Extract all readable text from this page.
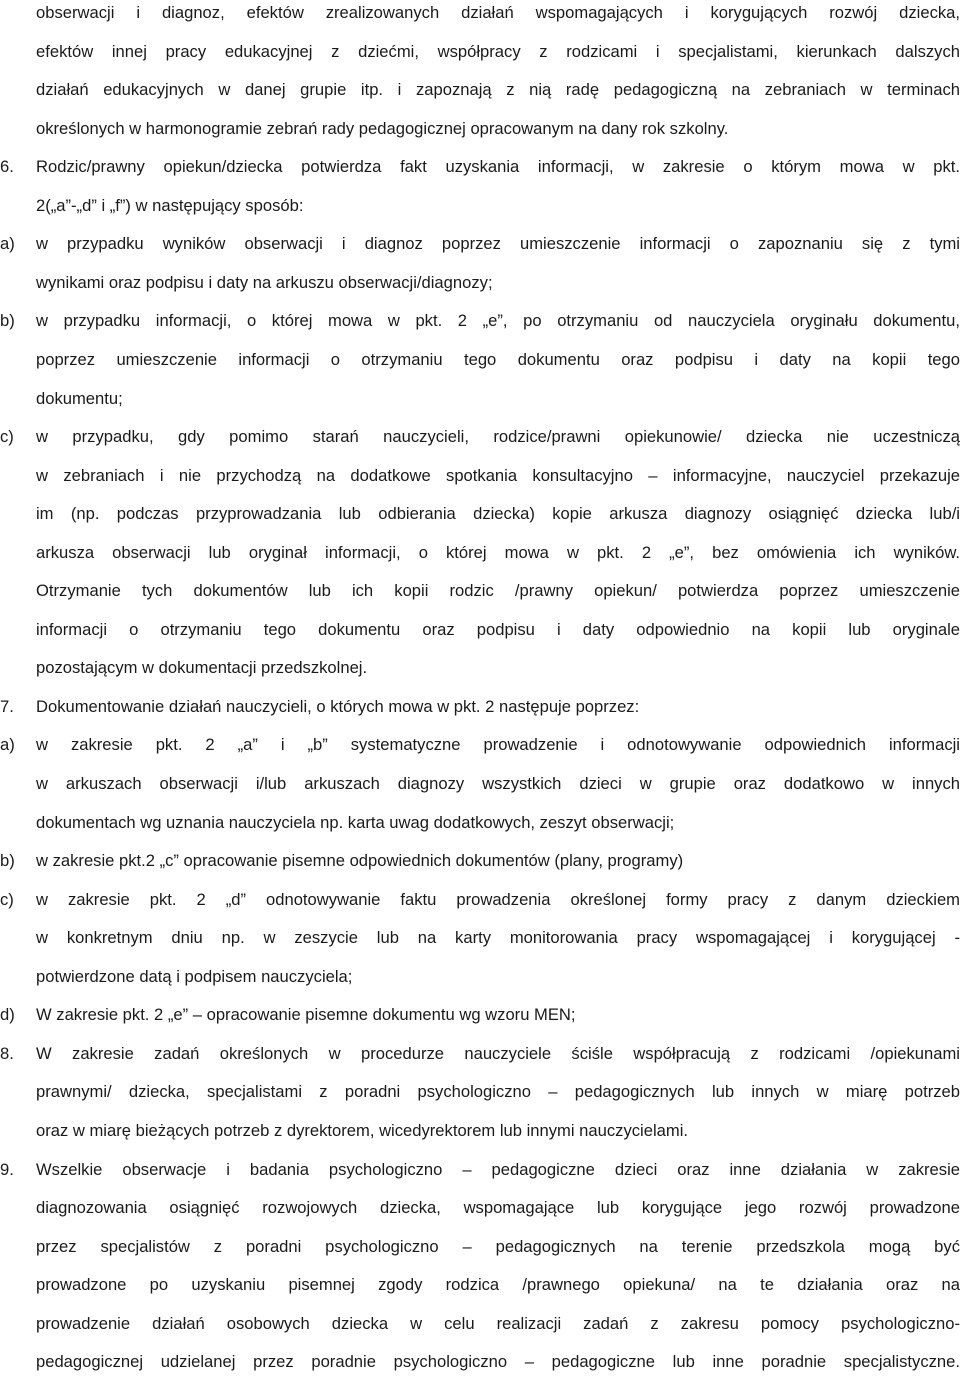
obserwacji i diagnoz, efektów zrealizowanych działań wspomagających i korygujących rozwój dziecka,
efektów innej pracy edukacyjnej z dziećmi, współpracy z rodzicami i specjalistami, kierunkach dalszych
działań edukacyjnych w danej grupie itp. i zapoznają z nią radę pedagogiczną na zebraniach w terminach
określonych w harmonogramie zebrań rady pedagogicznej opracowanym na dany rok szkolny.
6. Rodzic/prawny opiekun/dziecka potwierdza fakt uzyskania informacji, w zakresie o którym mowa w pkt.
2(„a”-„d” i „f”) w następujący sposób:
a) w przypadku wyników obserwacji i diagnoz poprzez umieszczenie informacji o zapoznaniu się z tymi
wynikami oraz podpisu i daty na arkuszu obserwacji/diagnozy;
b) w przypadku informacji, o której mowa w pkt. 2 „e”, po otrzymaniu od nauczyciela oryginału dokumentu,
poprzez umieszczenie informacji o otrzymaniu tego dokumentu oraz podpisu i daty na kopii tego
dokumentu;
c) w przypadku, gdy pomimo starań nauczycieli, rodzice/prawni opiekunowie/ dziecka nie uczestniczą
w zebraniach i nie przychodzą na dodatkowe spotkania konsultacyjno – informacyjne, nauczyciel przekazuje
im (np. podczas przyprowadzania lub odbierania dziecka) kopie arkusza diagnozy osiągnięć dziecka lub/i
arkusza obserwacji lub oryginał informacji, o której mowa w pkt. 2 „e”, bez omówienia ich wyników.
Otrzymanie tych dokumentów lub ich kopii rodzic /prawny opiekun/ potwierdza poprzez umieszczenie
informacji o otrzymaniu tego dokumentu oraz podpisu i daty odpowiednio na kopii lub oryginale
pozostającym w dokumentacji przedszkolnej.
7. Dokumentowanie działań nauczycieli, o których mowa w pkt. 2 następuje poprzez:
a) w zakresie pkt. 2 „a” i „b” systematyczne prowadzenie i odnotowywanie odpowiednich informacji
w arkuszach obserwacji i/lub arkuszach diagnozy wszystkich dzieci w grupie oraz dodatkowo w innych
dokumentach wg uznania nauczyciela np. karta uwag dodatkowych, zeszyt obserwacji;
b) w zakresie pkt.2 „c” opracowanie pisemne odpowiednich dokumentów (plany, programy)
c) w zakresie pkt. 2 „d” odnotowywanie faktu prowadzenia określonej formy pracy z danym dzieckiem
w konkretnym dniu np. w zeszycie lub na karty monitorowania pracy wspomagającej i korygującej -
potwierdzone datą i podpisem nauczyciela;
d) W zakresie pkt. 2 „e” – opracowanie pisemne dokumentu wg wzoru MEN;
8. W zakresie zadań określonych w procedurze nauczyciele ściśle współpracują z rodzicami /opiekunami
prawnymi/ dziecka, specjalistami z poradni psychologiczno – pedagogicznych lub innych w miarę potrzeb
oraz w miarę bieżących potrzeb z dyrektorem, wicedyrektorem lub innymi nauczycielami.
9. Wszelkie obserwacje i badania psychologiczno – pedagogiczne dzieci oraz inne działania w zakresie
diagnozowania osiągnięć rozwojowych dziecka, wspomagające lub korygujące jego rozwój prowadzone
przez specjalistów z poradni psychologiczno – pedagogicznych na terenie przedszkola mogą być
prowadzone po uzyskaniu pisemnej zgody rodzica /prawnego opiekuna/ na te działania oraz na
prowadzenie działań osobowych dziecka w celu realizacji zadań z zakresu pomocy psychologiczno-
pedagogicznej udzielanej przez poradnie psychologiczno – pedagogiczne lub inne poradnie specjalistyczne.
